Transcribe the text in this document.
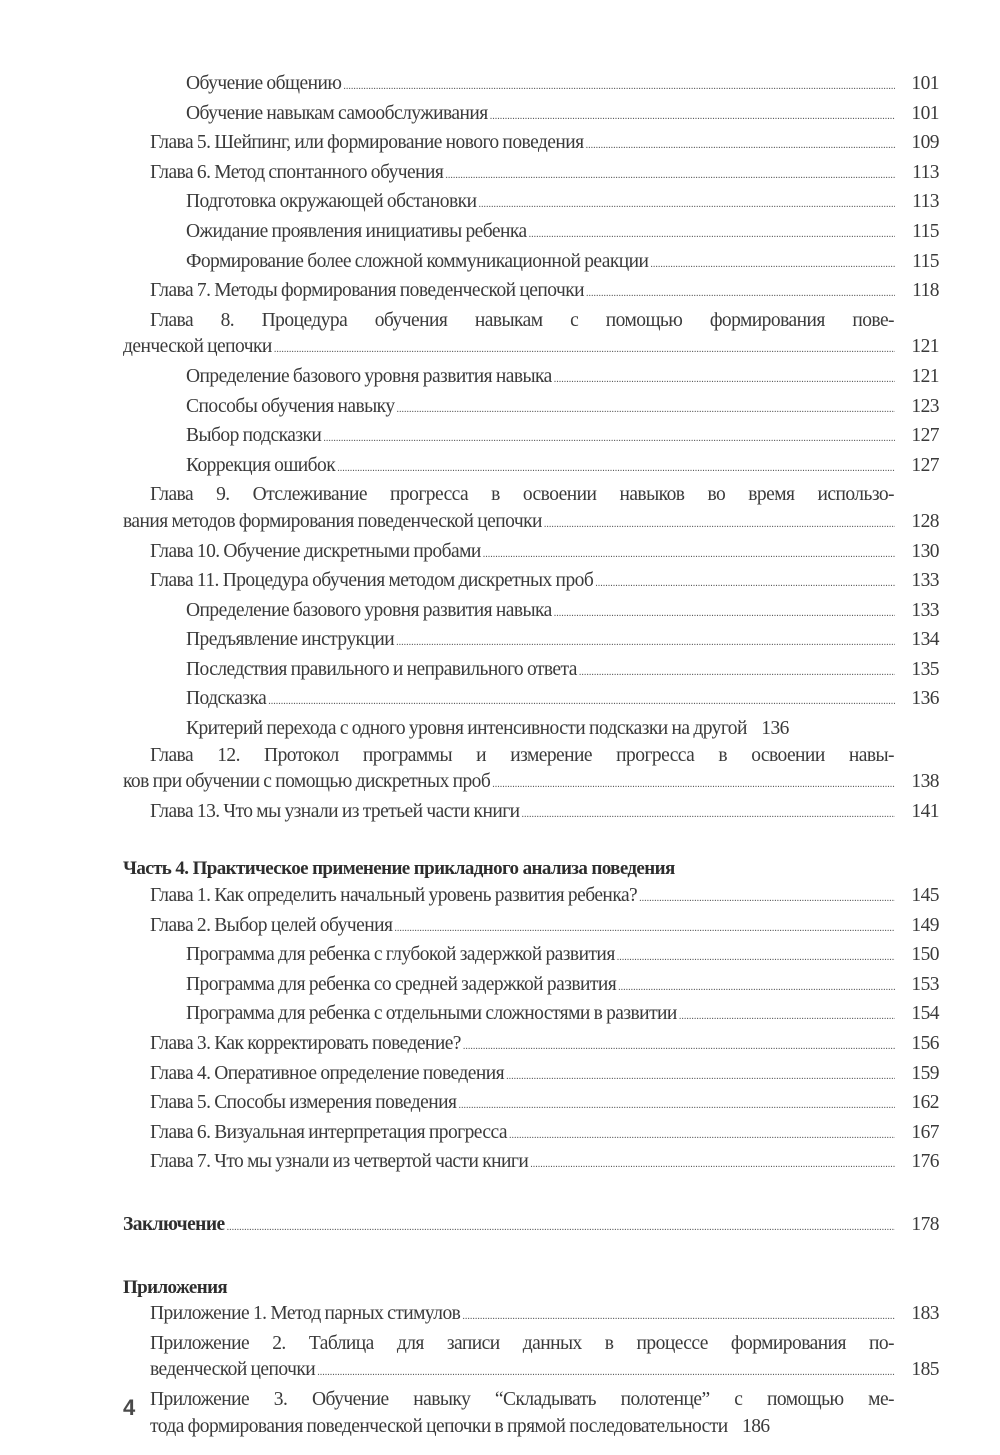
Обучение общению . . .	101
Обучение навыкам самообслуживания . . .	101
Глава 5. Шейпинг, или формирование нового поведения . . .	109
Глава 6. Метод спонтанного обучения . . .	113
Подготовка окружающей обстановки . . .	113
Ожидание проявления инициативы ребенка . . .	115
Формирование более сложной коммуникационной реакции . . .	115
Глава 7. Методы формирования поведенческой цепочки . . .	118
Глава 8. Процедура обучения навыкам с помощью формирования пове-
денческой цепочки . . .	121
Определение базового уровня развития навыка . . .	121
Способы обучения навыку . . .	123
Выбор подсказки . . .	127
Коррекция ошибок . . .	127
Глава 9. Отслеживание прогресса в освоении навыков во время использо-
вания методов формирования поведенческой цепочки . . .	128
Глава 10. Обучение дискретными пробами . . .	130
Глава 11. Процедура обучения методом дискретных проб . . .	133
Определение базового уровня развития навыка . . .	133
Предъявление инструкции . . .	134
Последствия правильного и неправильного ответа . . .	135
Подсказка . . .	136
Критерий перехода с одного уровня интенсивности подсказки на другой 136
Глава 12. Протокол программы и измерение прогресса в освоении навы-
ков при обучении с помощью дискретных проб . . .	138
Глава 13. Что мы узнали из третьей части книги . . .	141
Часть 4. Практическое применение прикладного анализа поведения
Глава 1. Как определить начальный уровень развития ребенка? . . .	145
Глава 2. Выбор целей обучения . . .	149
Программа для ребенка с глубокой задержкой развития . . .	150
Программа для ребенка со средней задержкой развития . . .	153
Программа для ребенка с отдельными сложностями в развитии . . .	154
Глава 3. Как корректировать поведение? . . .	156
Глава 4. Оперативное определение поведения . . .	159
Глава 5. Способы измерения поведения . . .	162
Глава 6. Визуальная интерпретация прогресса . . .	167
Глава 7. Что мы узнали из четвертой части книги . . .	176
Заключение . . .	178
Приложения
Приложение 1. Метод парных стимулов . . .	183
Приложение 2. Таблица для записи данных в процессе формирования по-
веденческой цепочки . . .	185
Приложение 3. Обучение навыку “Складывать полотенце” с помощью ме-
тода формирования поведенческой цепочки в прямой последовательности 186
4
